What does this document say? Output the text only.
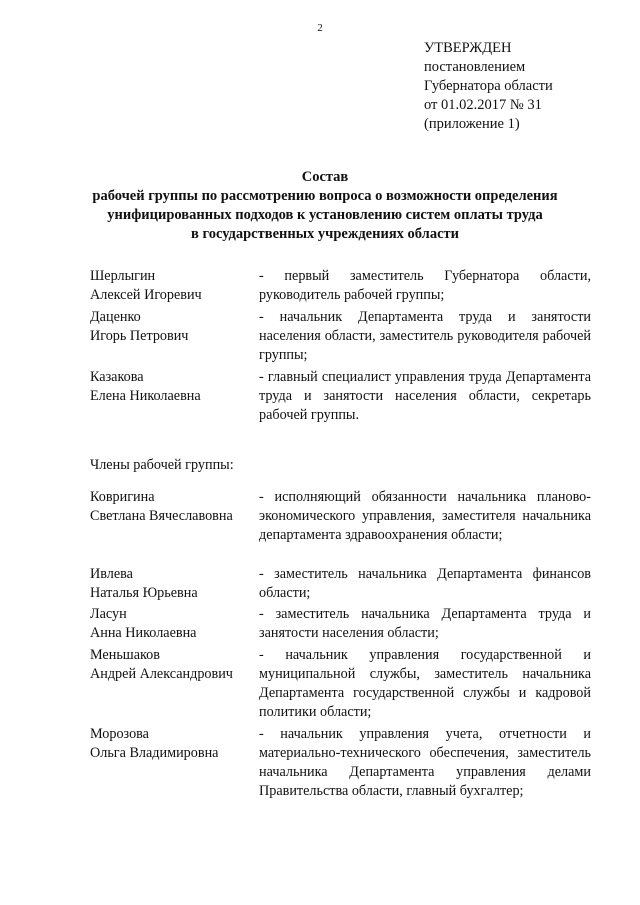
2
УТВЕРЖДЕН
постановлением
Губернатора области
от 01.02.2017 № 31
(приложение 1)
Состав
рабочей группы по рассмотрению вопроса о возможности определения
унифицированных подходов к установлению систем оплаты труда
в государственных учреждениях области
Шерлыгин
Алексей Игоревич
- первый заместитель Губернатора области, руководитель рабочей группы;
Даценко
Игорь Петрович
- начальник Департамента труда и занятости населения области, заместитель руководителя рабочей группы;
Казакова
Елена Николаевна
- главный специалист управления труда Департамента труда и занятости населения области, секретарь рабочей группы.
Члены рабочей группы:
Ковригина
Светлана Вячеславовна
- исполняющий обязанности начальника планово-экономического управления, заместителя начальника департамента здравоохранения области;
Ивлева
Наталья Юрьевна
- заместитель начальника Департамента финансов области;
Ласун
Анна Николаевна
- заместитель начальника Департамента труда и занятости населения области;
Меньшаков
Андрей Александрович
- начальник управления государственной и муниципальной службы, заместитель начальника Департамента государственной службы и кадровой политики области;
Морозова
Ольга Владимировна
- начальник управления учета, отчетности и материально-технического обеспечения, заместитель начальника Департамента управления делами Правительства области, главный бухгалтер;
